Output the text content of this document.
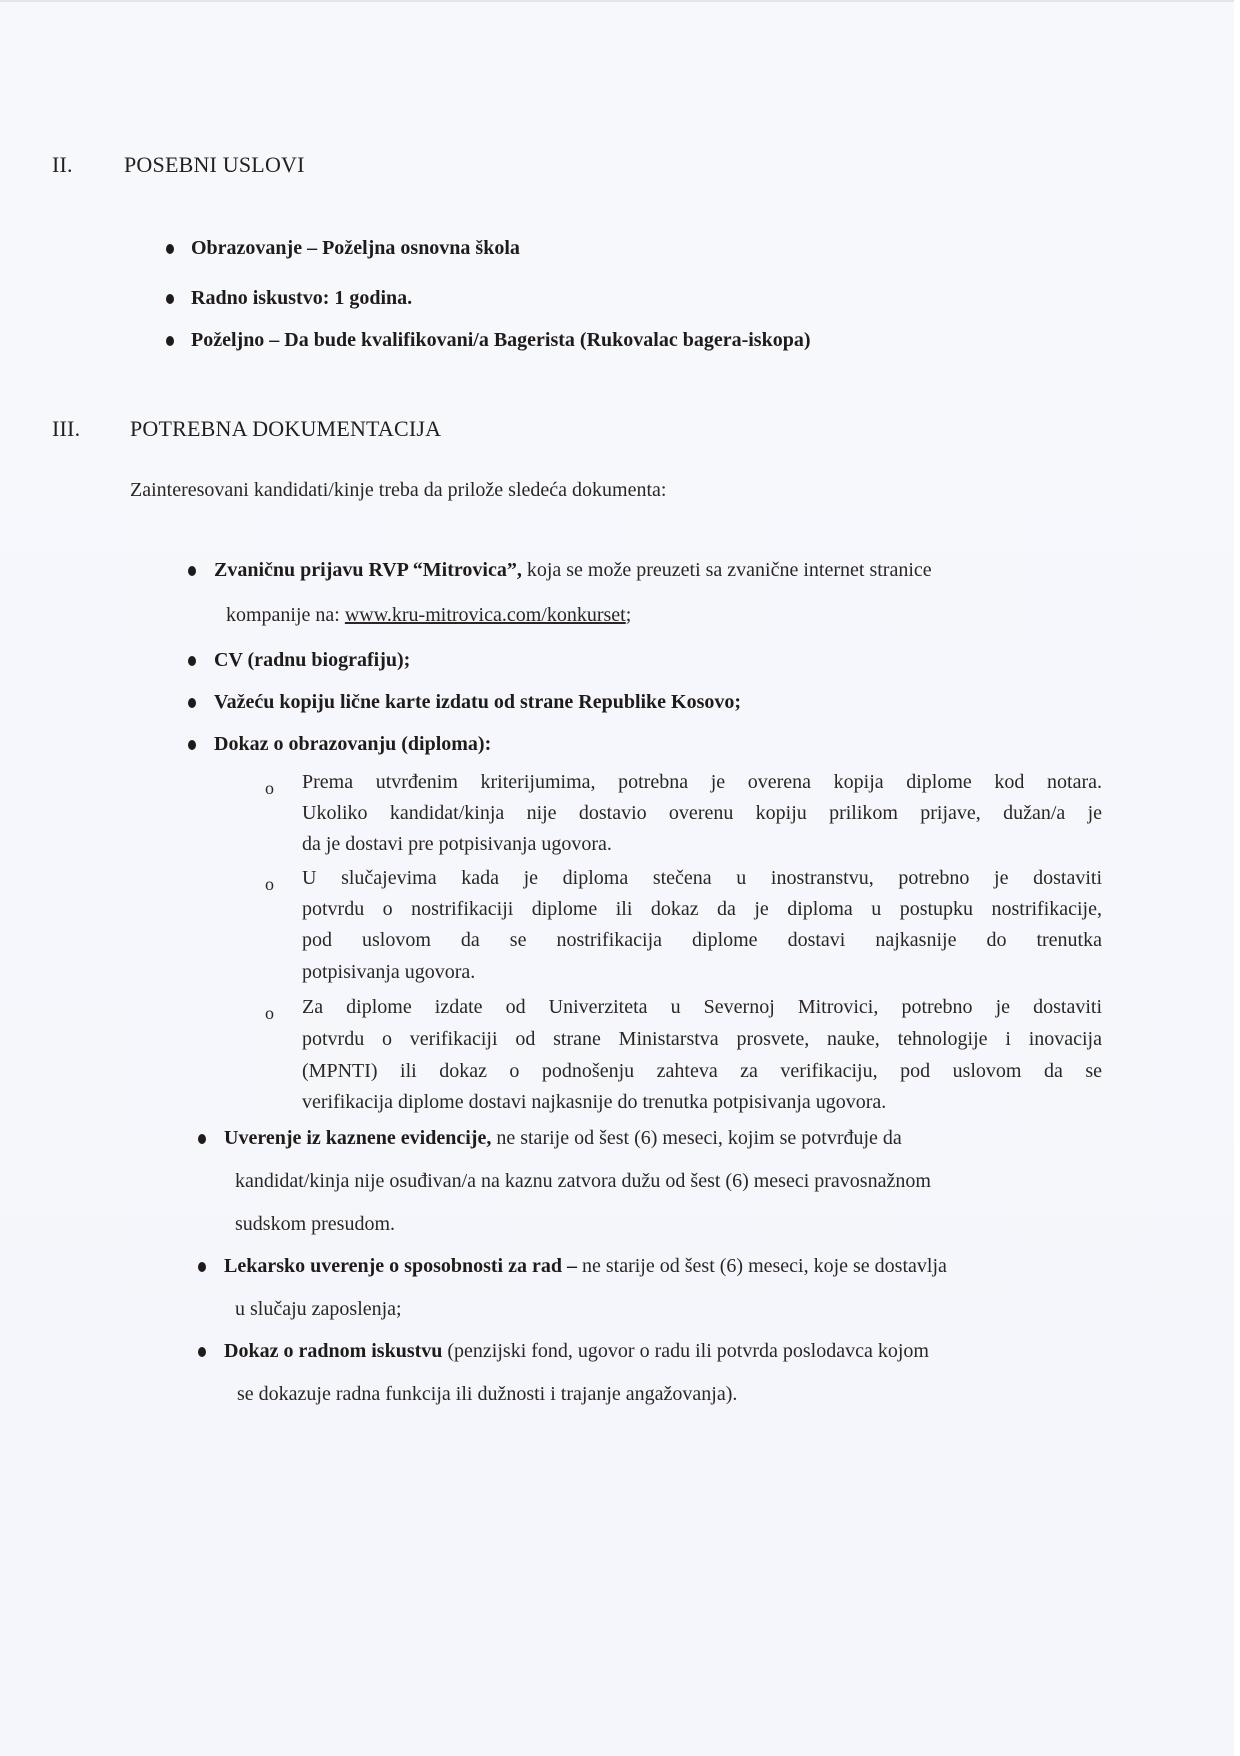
II. POSEBNI USLOVI
Obrazovanje – Poželjna osnovna škola
Radno iskustvo: 1 godina.
Poželjno – Da bude kvalifikovani/a Bagerista (Rukovalac bagera-iskopa)
III. POTREBNA DOKUMENTACIJA
Zainteresovani kandidati/kinje treba da prilože sledeća dokumenta:
Zvaničnu prijavu RVP “Mitrovica”, koja se može preuzeti sa zvanične internet stranice
kompanije na: www.kru-mitrovica.com/konkurset;
CV (radnu biografiju);
Važeću kopiju lične karte izdatu od strane Republike Kosovo;
Dokaz o obrazovanju (diploma):
o Prema utvrđenim kriterijumima, potrebna je overena kopija diplome kod notara.
Ukoliko kandidat/kinja nije dostavio overenu kopiju prilikom prijave, dužan/a je
da je dostavi pre potpisivanja ugovora.
o U slučajevima kada je diploma stečena u inostranstvu, potrebno je dostaviti
potvrdu o nostrifikaciji diplome ili dokaz da je diploma u postupku nostrifikacije,
pod uslovom da se nostrifikacija diplome dostavi najkasnije do trenutka
potpisivanja ugovora.
o Za diplome izdate od Univerziteta u Severnoj Mitrovici, potrebno je dostaviti
potvrdu o verifikaciji od strane Ministarstva prosvete, nauke, tehnologije i inovacija
(MPNTI) ili dokaz o podnošenju zahteva za verifikaciju, pod uslovom da se
verifikacija diplome dostavi najkasnije do trenutka potpisivanja ugovora.
Uverenje iz kaznene evidencije, ne starije od šest (6) meseci, kojim se potvrđuje da
kandidat/kinja nije osuđivan/a na kaznu zatvora dužu od šest (6) meseci pravosnažnom
sudskom presudom.
Lekarsko uverenje o sposobnosti za rad – ne starije od šest (6) meseci, koje se dostavlja
u slučaju zaposlenja;
Dokaz o radnom iskustvu (penzijski fond, ugovor o radu ili potvrda poslodavca kojom
se dokazuje radna funkcija ili dužnosti i trajanje angažovanja).
